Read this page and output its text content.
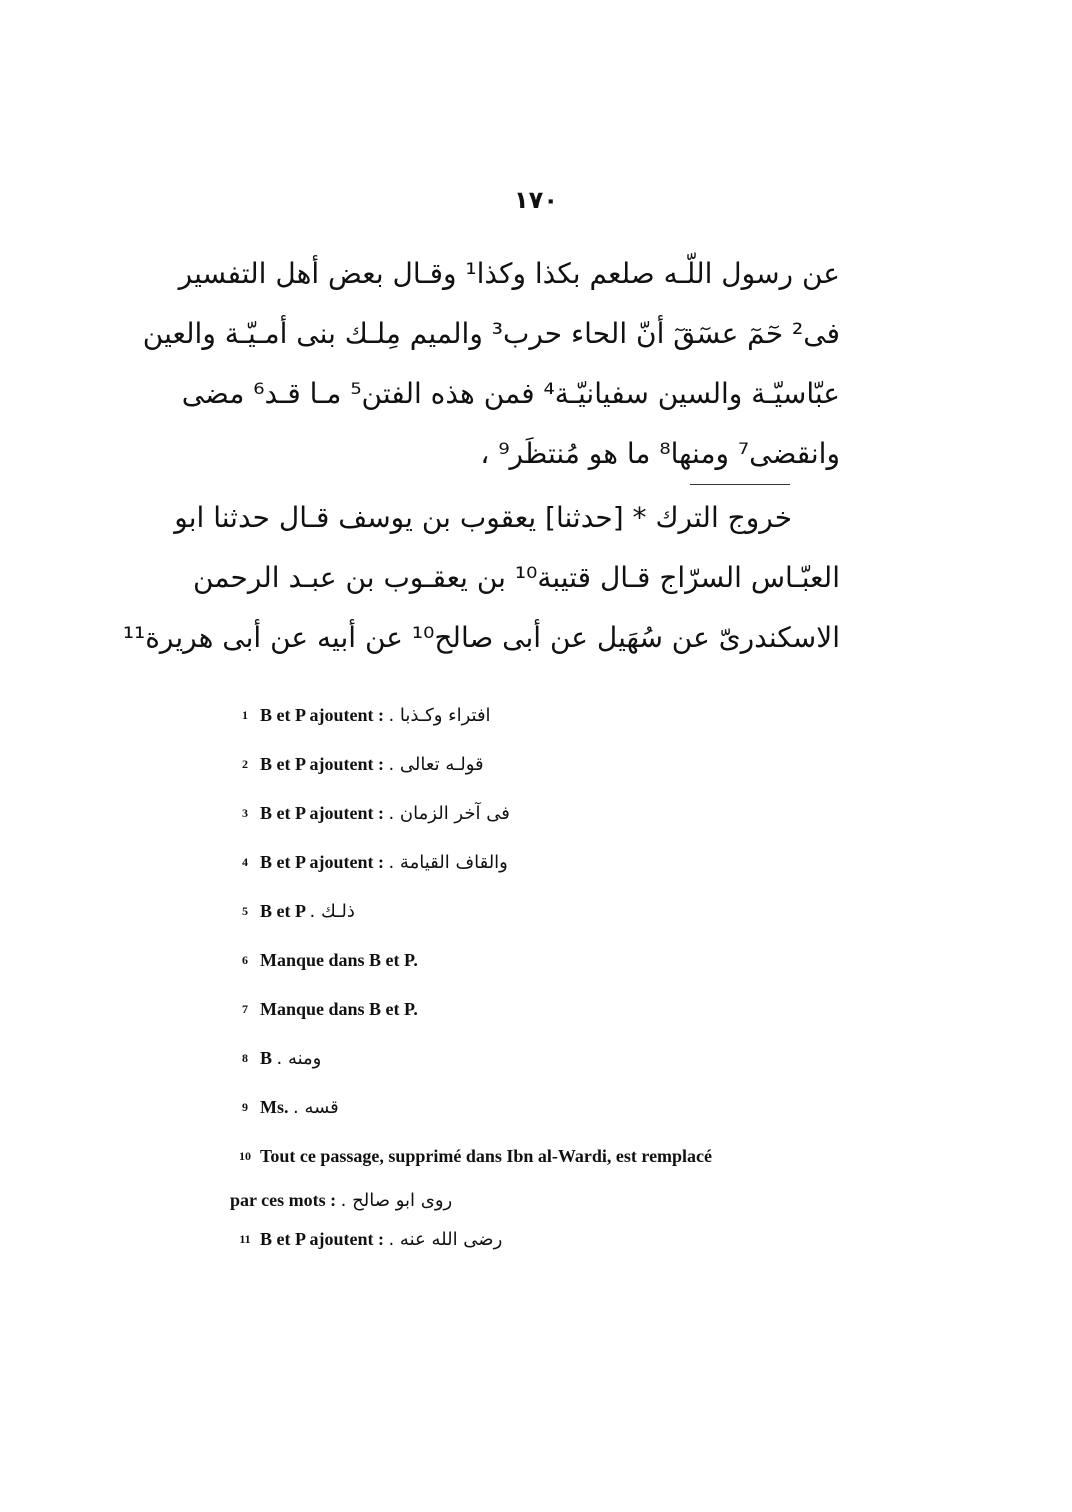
١٧٠
عن رسول اللّـه صلعم بكذا وكذا¹ وقـال بعض أهل التفسير
فى² حٓمٓ عسٓقٓ أنّ الحاء حرب³ والميم مِلـك بنى أمـيّـة والعين
عبّاسيّـة والسين سفيانيّـة⁴ فمن هذه الفتن⁵ مـا قـد⁶ مضى
وانقضى⁷ ومنها⁸ ما هو مُنتظَر⁹ ،
خروج الترك * [حدثنا] يعقوب بن يوسف قـال حدثنا ابو
العبّـاس السرّاج قـال قتيبة¹⁰ بن يعقـوب بن عبـد الرحمن
الاسكندرىّ عن سُهَيل عن أبى صالح¹⁰ عن أبيه عن أبى هريرة¹¹
1 B et P ajoutent : افتراء وكـذبا .
2 B et P ajoutent : قولـه تعالى .
3 B et P ajoutent : فى آخر الزمان .
4 B et P ajoutent : والقاف القيامة .
5 B et P ذلـك .
6 Manque dans B et P.
7 Manque dans B et P.
8 B ومنه .
9 Ms. قسه .
10 Tout ce passage, supprimé dans Ibn al-Wardi, est remplacé
par ces mots : روى ابو صالح .
11 B et P ajoutent : رضى الله عنه .
